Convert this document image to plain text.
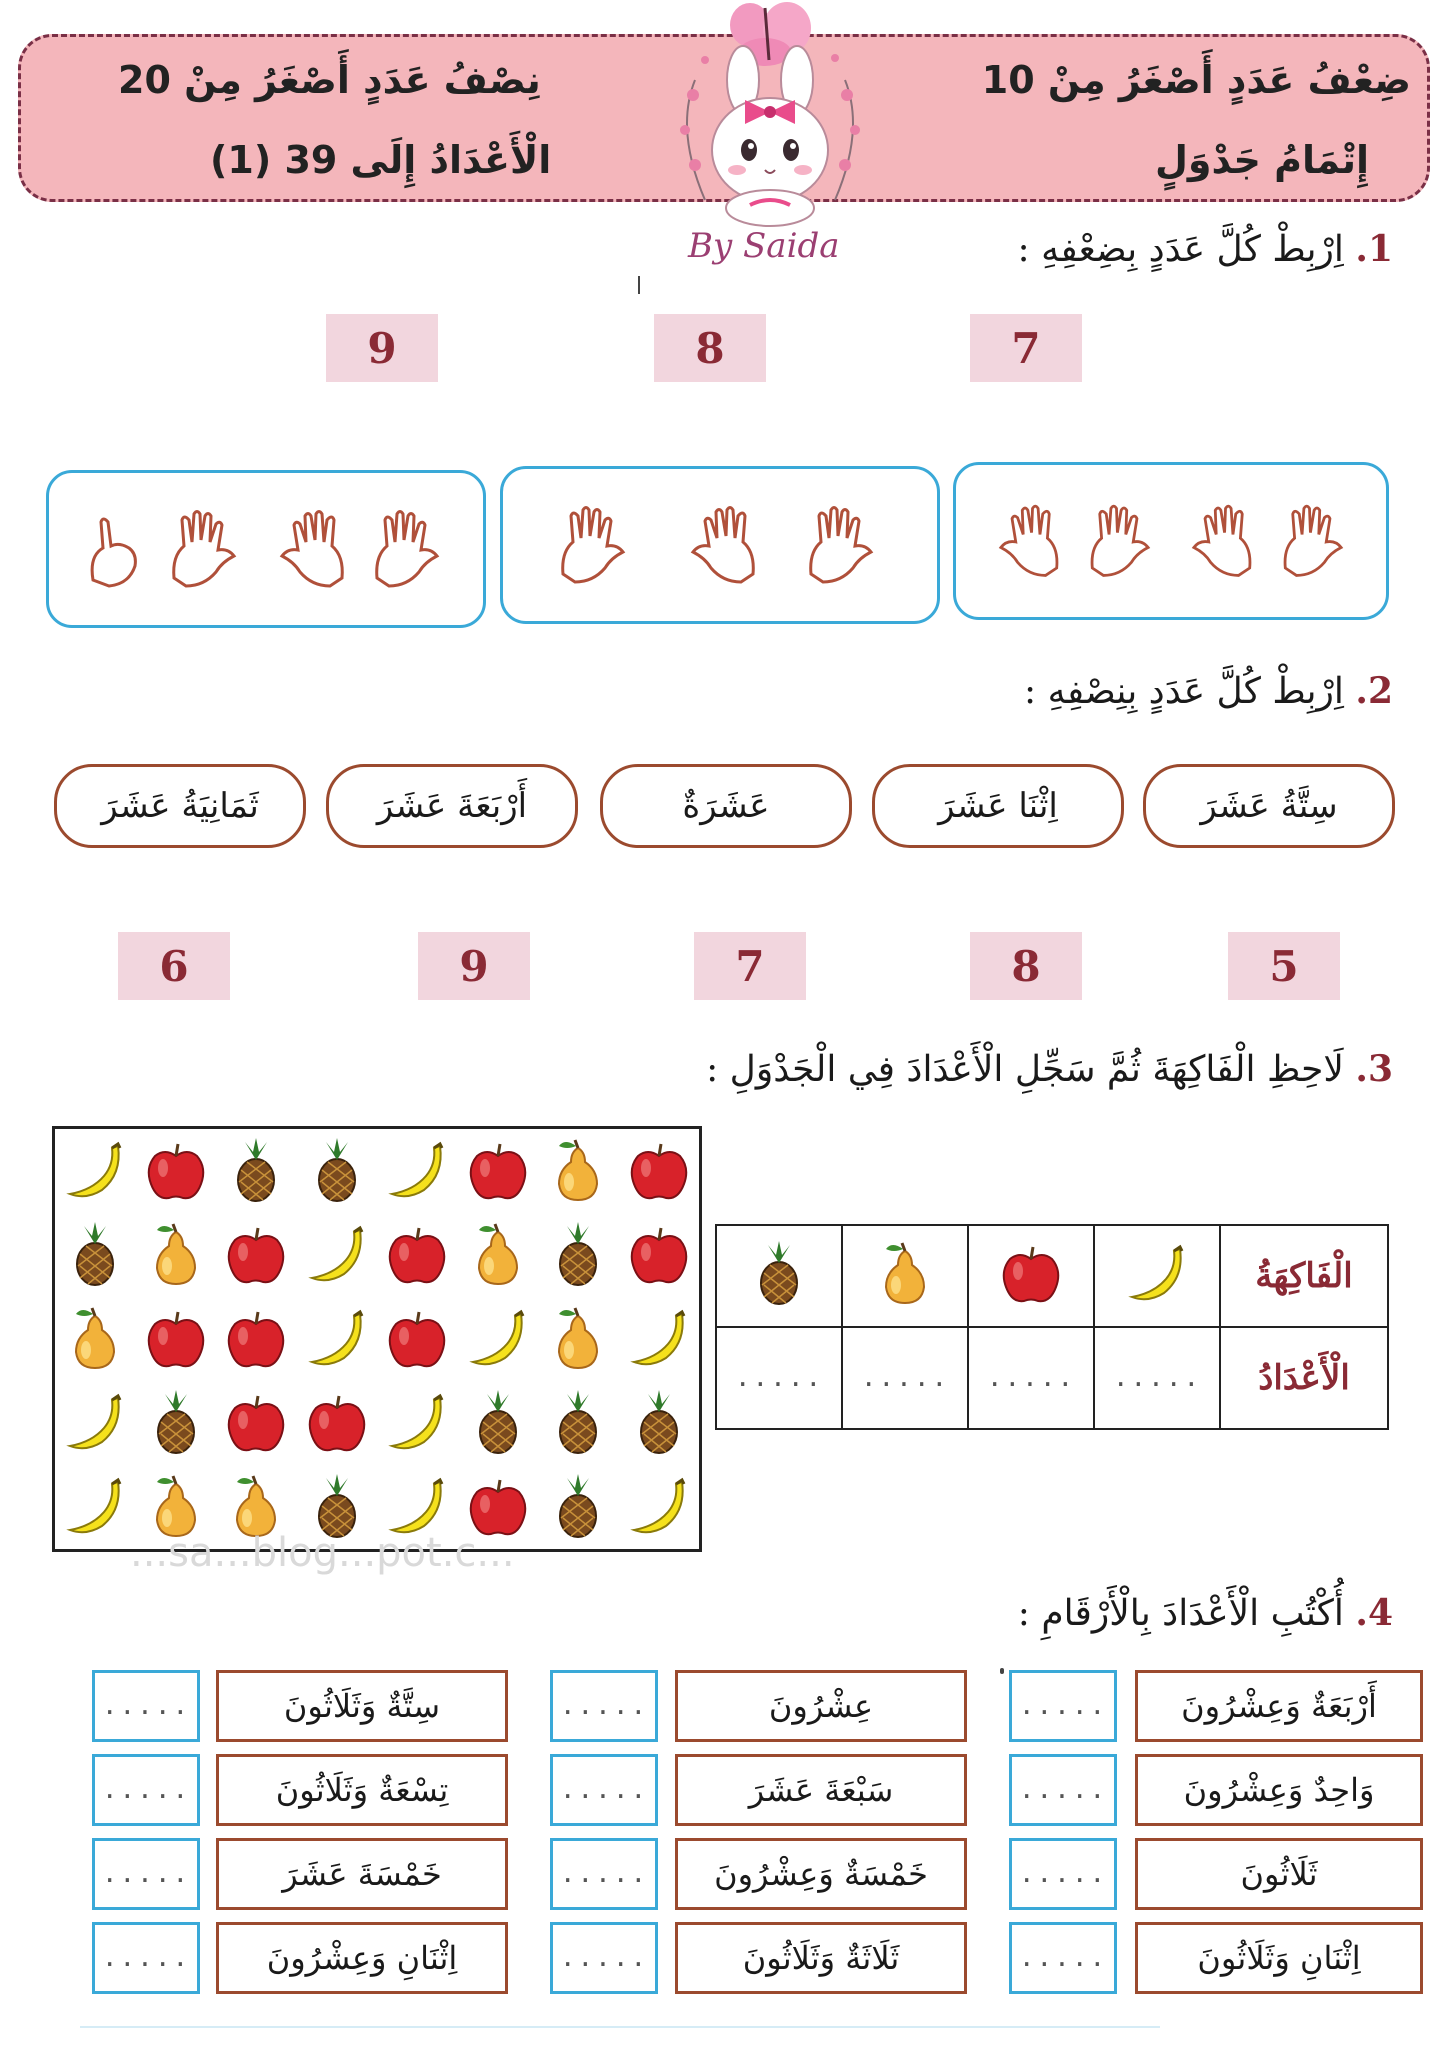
ضِعْفُ عَدَدٍ أَصْغَرُ مِنْ 10
إِتْمَامُ جَدْوَلٍ
نِصْفُ عَدَدٍ أَصْغَرُ مِنْ 20
الْأَعْدَادُ إِلَى 39 (1)
By Saida	1. اِرْبِطْ كُلَّ عَدَدٍ بِضِعْفِهِ :
9	8	7
2. اِرْبِطْ كُلَّ عَدَدٍ بِنِصْفِهِ :
سِتَّةُ عَشَرَ
اِثْنَا عَشَرَ
عَشَرَةٌ
أَرْبَعَةَ عَشَرَ
ثَمَانِيَةُ عَشَرَ
5
8
7
9
6
3. لَاحِظِ الْفَاكِهَةَ ثُمَّ سَجِّلِ الْأَعْدَادَ فِي الْجَدْوَلِ :
...sa...blog...pot.c...
الْفَاكِهَةُ				
الْأَعْدَادُ	.....	.....	.....	.....
4. أُكْتُبِ الْأَعْدَادَ بِالْأَرْقَامِ :
أَرْبَعَةٌ وَعِشْرُونَ
.....
وَاحِدٌ وَعِشْرُونَ
.....
ثَلَاثُونَ
.....
اِثْنَانِ وَثَلَاثُونَ
.....
عِشْرُونَ
.....
سَبْعَةَ عَشَرَ
.....
خَمْسَةٌ وَعِشْرُونَ
.....
ثَلَاثَةٌ وَثَلَاثُونَ
.....
سِتَّةٌ وَثَلَاثُونَ
.....
تِسْعَةٌ وَثَلَاثُونَ
.....
خَمْسَةَ عَشَرَ
.....
اِثْنَانِ وَعِشْرُونَ
.....
